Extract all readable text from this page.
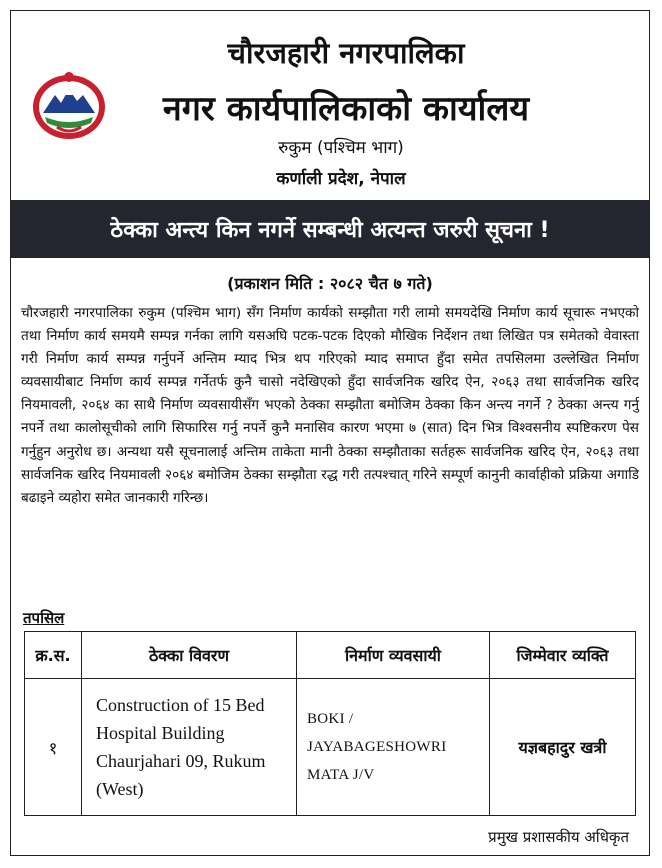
चौरजहारी नगरपालिका
नगर कार्यपालिकाको कार्यालय
रुकुम (पश्चिम भाग)
कर्णाली प्रदेश, नेपाल
ठेक्का अन्त्य किन नगर्ने सम्बन्धी अत्यन्त जरुरी सूचना !
(प्रकाशन मिति : २०८२ चैत ७ गते)
चौरजहारी नगरपालिका रुकुम (पश्चिम भाग) सँग निर्माण कार्यको सम्झौता गरी लामो समयदेखि निर्माण कार्य सूचारू नभएको तथा निर्माण कार्य समयमै सम्पन्न गर्नका लागि यसअघि पटक-पटक दिएको मौखिक निर्देशन तथा लिखित पत्र समेतको वेवास्ता गरी निर्माण कार्य सम्पन्न गर्नुपर्ने अन्तिम म्याद भित्र थप गरिएको म्याद समाप्त हुँदा समेत तपसिलमा उल्लेखित निर्माण व्यवसायीबाट निर्माण कार्य सम्पन्न गर्नेतर्फ कुनै चासो नदेखिएको हुँदा सार्वजनिक खरिद ऐन, २०६३ तथा सार्वजनिक खरिद नियमावली, २०६४ का साथै निर्माण व्यवसायीसँग भएको ठेक्का सम्झौता बमोजिम ठेक्का किन अन्त्य नगर्ने ? ठेक्का अन्त्य गर्नु नपर्ने तथा कालोसूचीको लागि सिफारिस गर्नु नपर्ने कुनै मनासिव कारण भएमा ७ (सात) दिन भित्र विश्वसनीय स्पष्टिकरण पेस गर्नुहुन अनुरोध छ। अन्यथा यसै सूचनालाई अन्तिम ताकेता मानी ठेक्का सम्झौताका सर्तहरू सार्वजनिक खरिद ऐन, २०६३ तथा सार्वजनिक खरिद नियमावली २०६४ बमोजिम ठेक्का सम्झौता रद्ध गरी तत्पश्चात् गरिने सम्पूर्ण कानुनी कार्वाहीको प्रक्रिया अगाडि बढाइने व्यहोरा समेत जानकारी गरिन्छ।
तपसिल
क्र.स.	ठेक्का विवरण	निर्माण व्यवसायी	जिम्मेवार व्यक्ति
१	Construction of 15 Bed Hospital Building Chaurjahari 09, Rukum (West)	BOKI / JAYABAGESHOWRI MATA J/V	यज्ञबहादुर खत्री
प्रमुख प्रशासकीय अधिकृत
